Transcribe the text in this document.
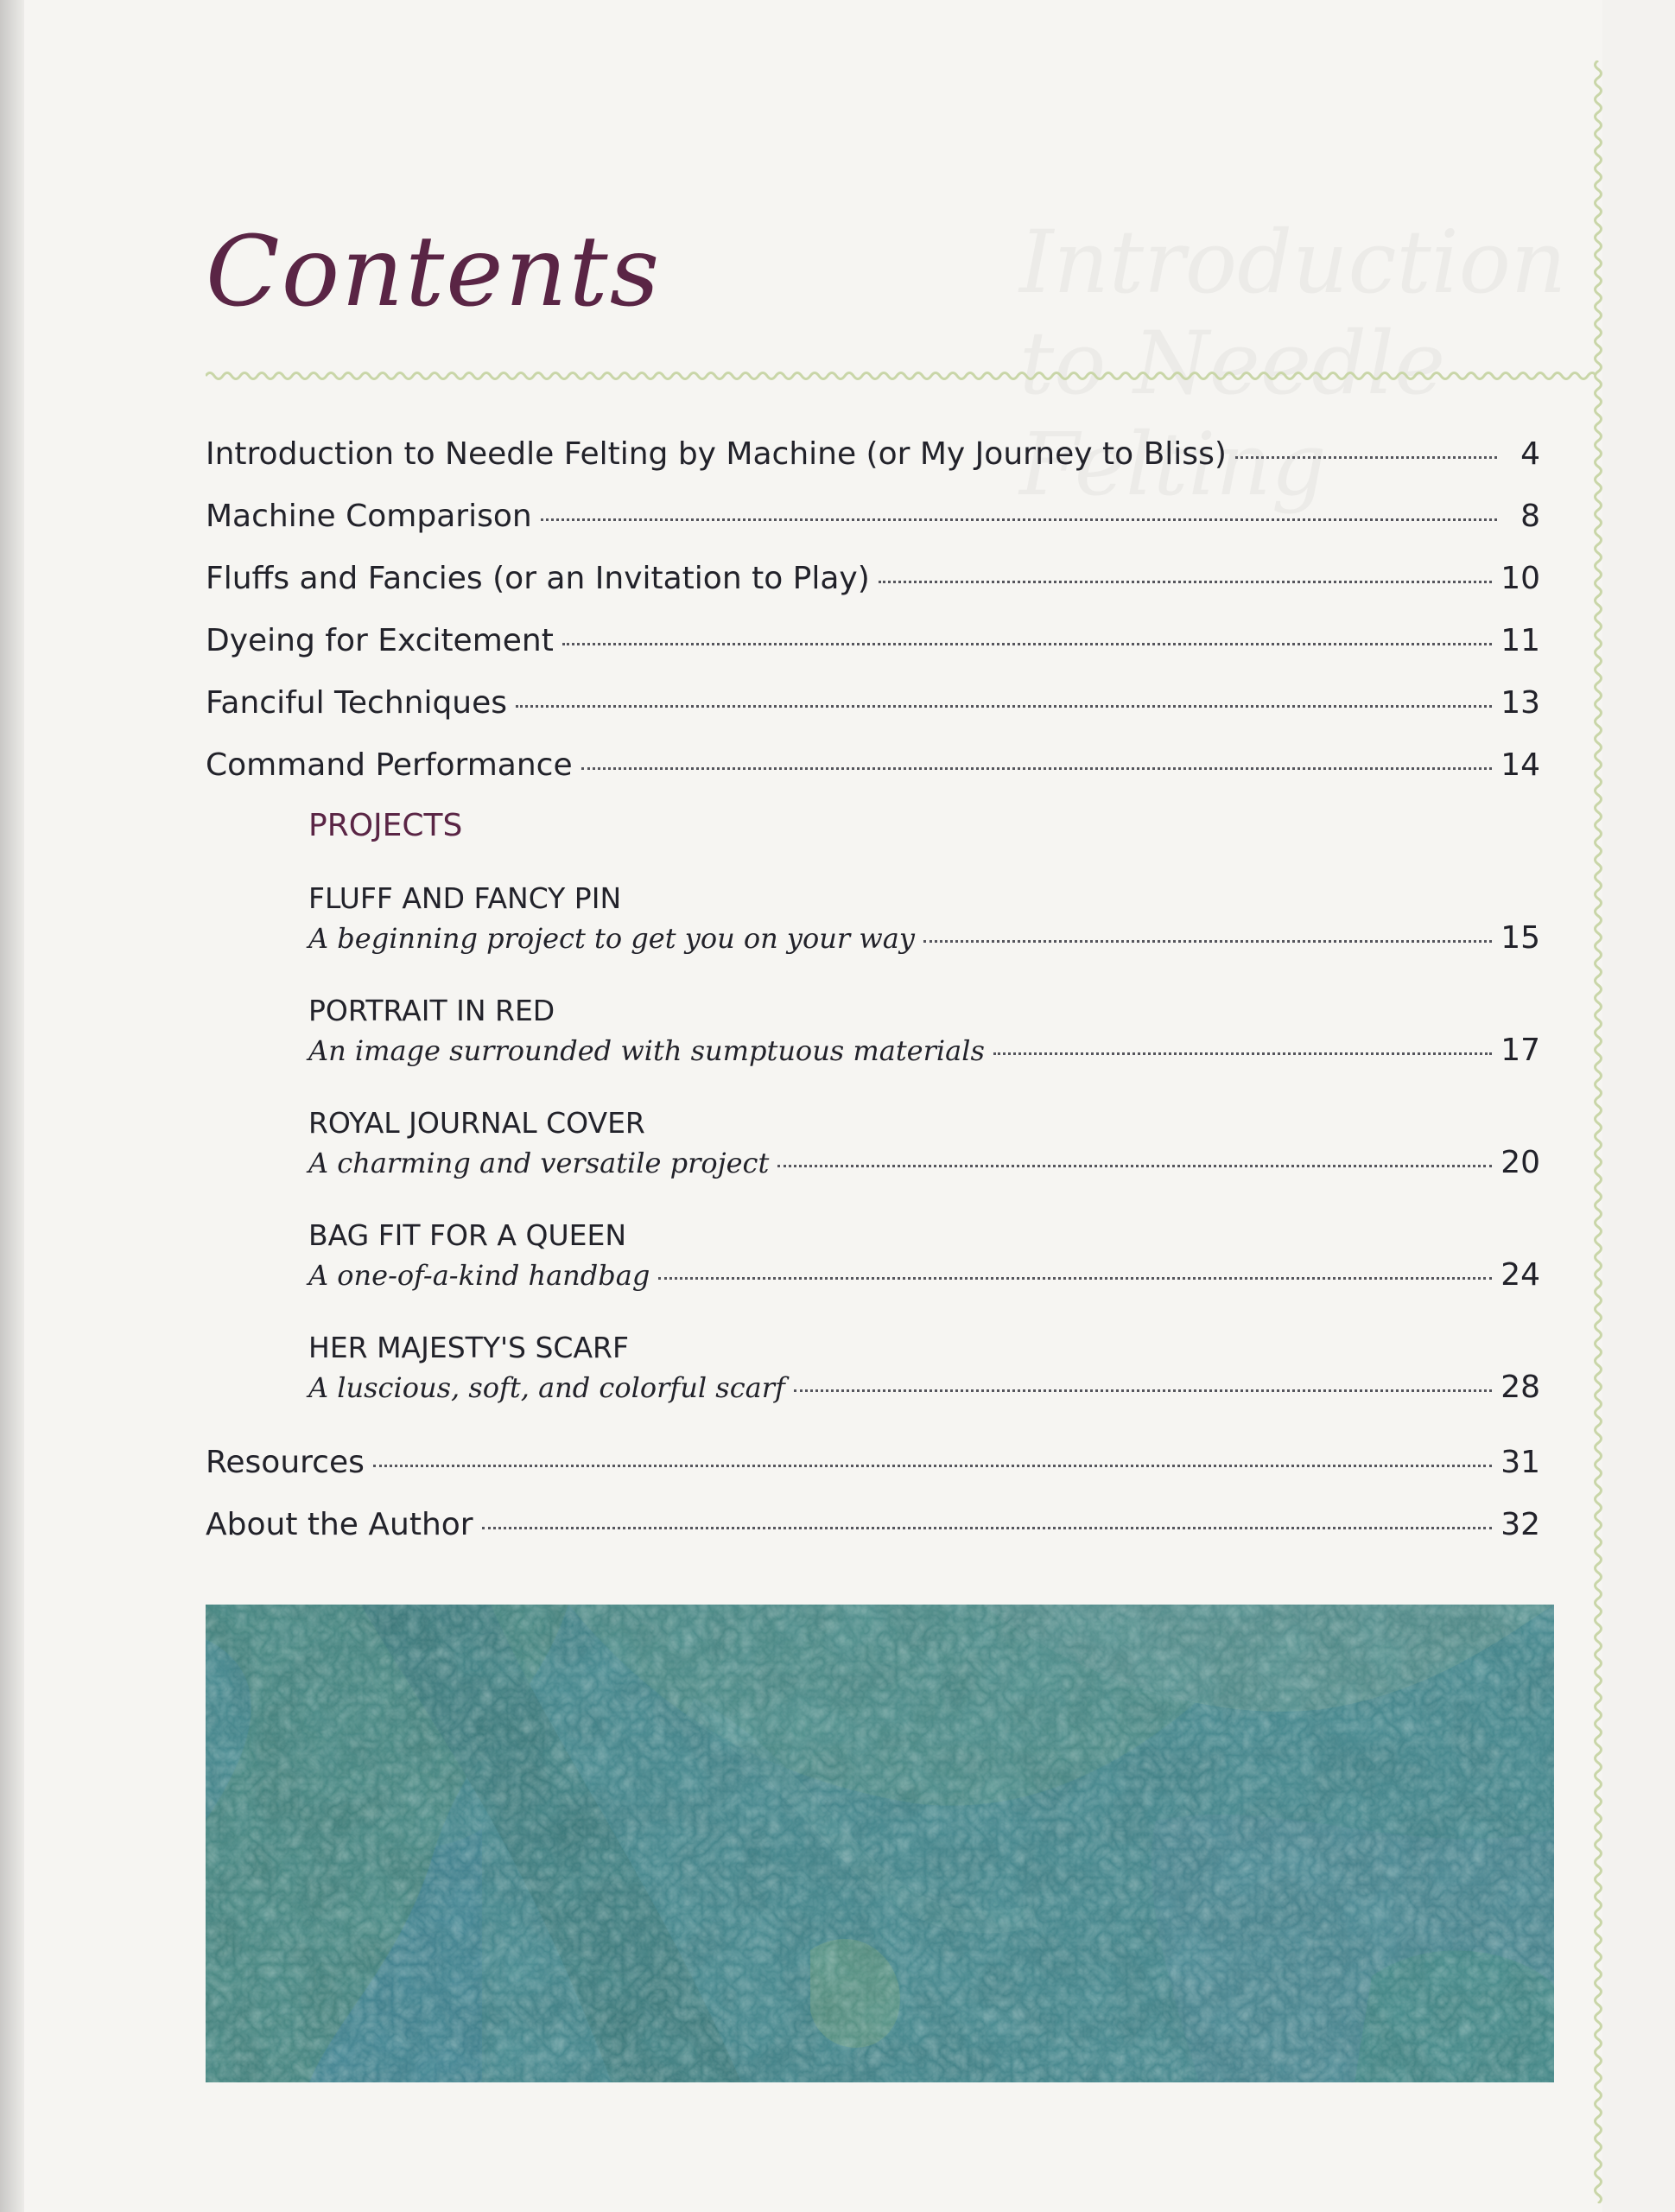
Introduction to Needle Felting
Contents
Introduction to Needle Felting by Machine (or My Journey to Bliss)	4
Machine Comparison	8
Fluffs and Fancies (or an Invitation to Play)	10
Dyeing for Excitement	11
Fanciful Techniques	13
Command Performance	14
PROJECTS
FLUFF AND FANCY PIN
A beginning project to get you on your way	15
PORTRAIT IN RED
An image surrounded with sumptuous materials	17
ROYAL JOURNAL COVER
A charming and versatile project	20
BAG FIT FOR A QUEEN
A one-of-a-kind handbag	24
HER MAJESTY'S SCARF
A luscious, soft, and colorful scarf	28
Resources	31
About the Author	32
